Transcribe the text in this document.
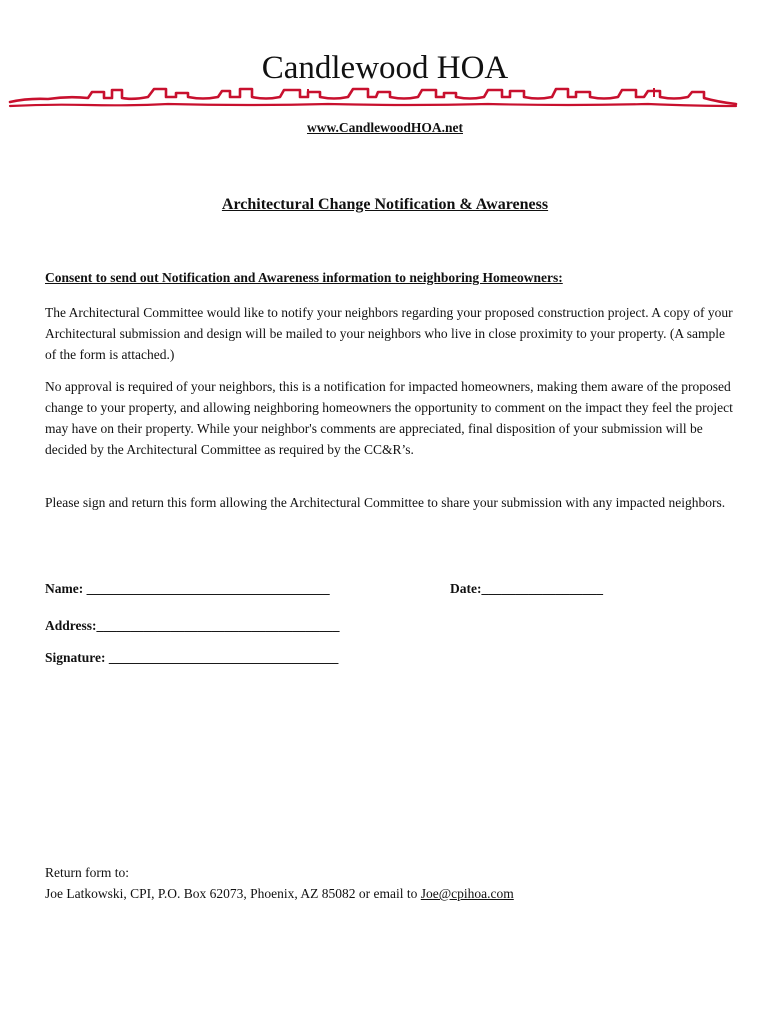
Candlewood HOA
www.CandlewoodHOA.net
Architectural Change Notification & Awareness
Consent to send out Notification and Awareness information to neighboring Homeowners:

The Architectural Committee would like to notify your neighbors regarding your proposed construction project. A copy of your Architectural submission and design will be mailed to your neighbors who live in close proximity to your property. (A sample of the form is attached.)

No approval is required of your neighbors, this is a notification for impacted homeowners, making them aware of the proposed change to your property, and allowing neighboring homeowners the opportunity to comment on the impact they feel the project may have on their property. While your neighbor's comments are appreciated, final disposition of your submission will be decided by the Architectural Committee as required by the CC&R’s.

Please sign and return this form allowing the Architectural Committee to share your submission with any impacted neighbors.

Name: ____________________________________	Date:__________________
Address:____________________________________
Signature: __________________________________
Return form to:
Joe Latkowski, CPI, P.O. Box 62073, Phoenix, AZ 85082 or email to Joe@cpihoa.com
